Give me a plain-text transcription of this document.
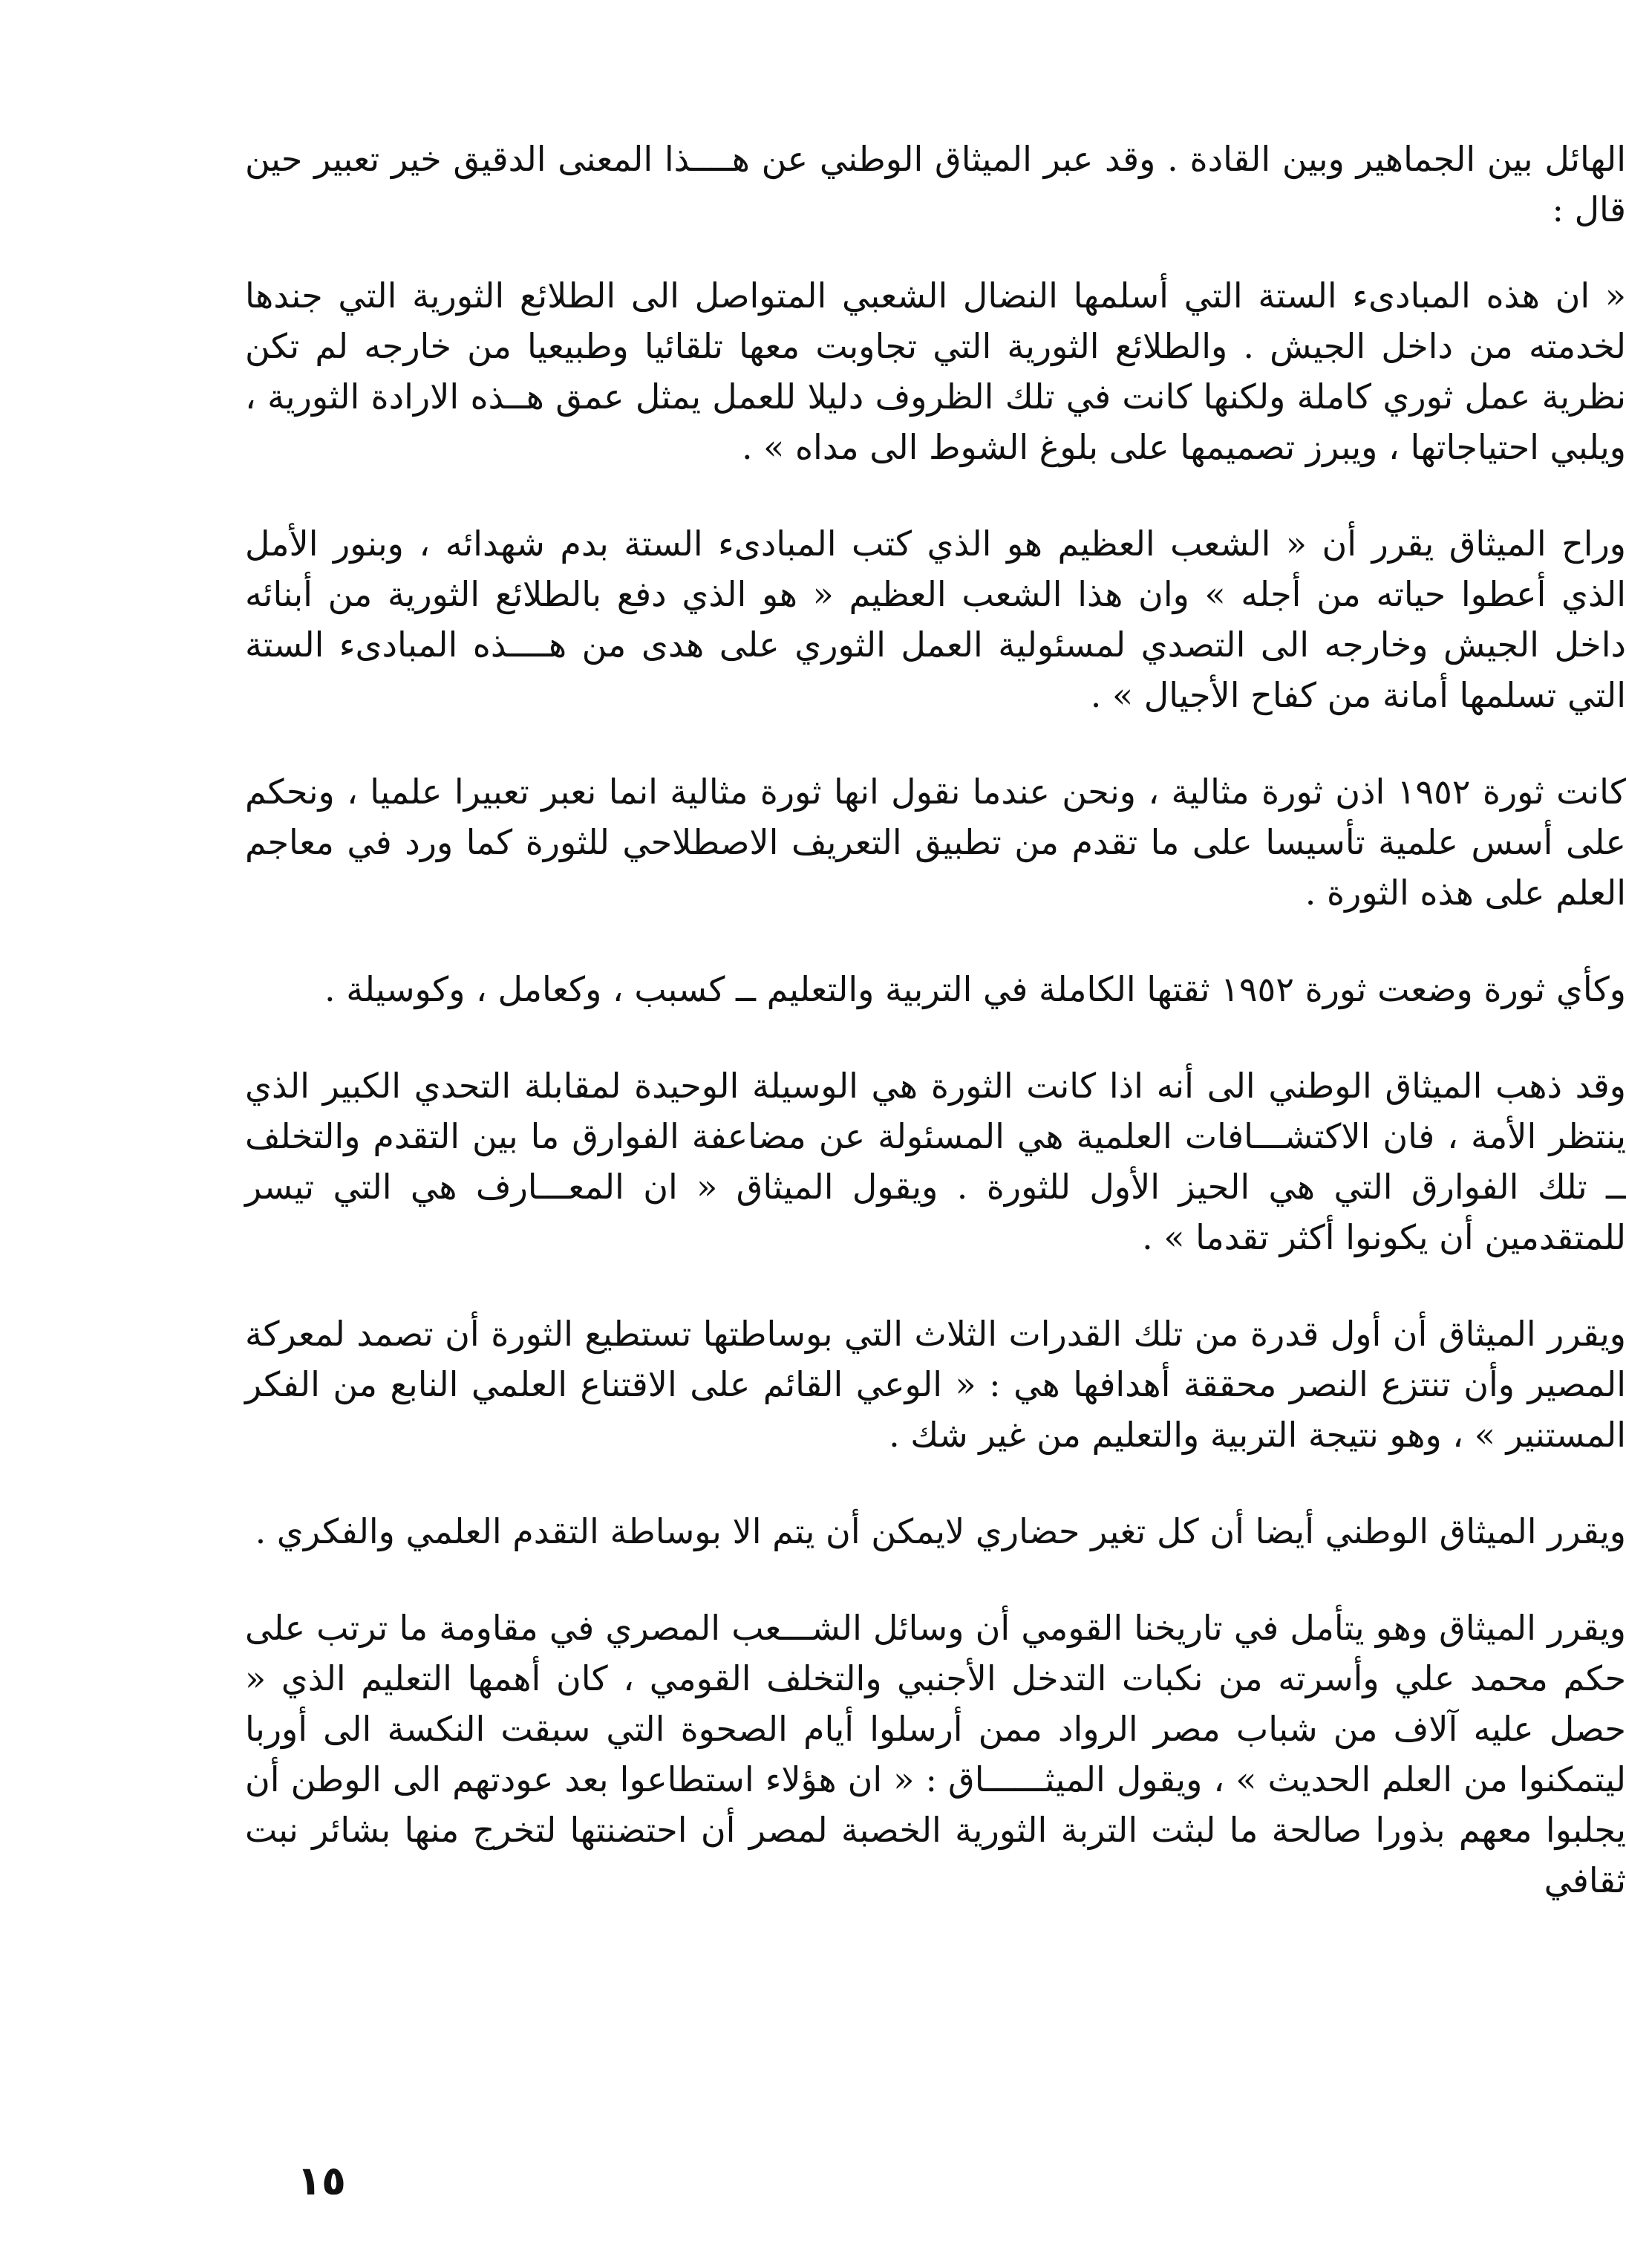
الهائل بين الجماهير وبين القادة . وقد عبر الميثاق الوطني عن هــــذا المعنى الدقيق خير تعبير حين قال :

« ان هذه المبادىء الستة التي أسلمها النضال الشعبي المتواصل الى الطلائع الثورية التي جندها لخدمته من داخل الجيش . والطلائع الثورية التي تجاوبت معها تلقائيا وطبيعيا من خارجه لم تكن نظرية عمل ثوري كاملة ولكنها كانت في تلك الظروف دليلا للعمل يمثل عمق هــذه الارادة الثورية ، ويلبي احتياجاتها ، ويبرز تصميمها على بلوغ الشوط الى مداه » .

وراح الميثاق يقرر أن « الشعب العظيم هو الذي كتب المبادىء الستة بدم شهدائه ، وبنور الأمل الذي أعطوا حياته من أجله » وان هذا الشعب العظيم « هو الذي دفع بالطلائع الثورية من أبنائه داخل الجيش وخارجه الى التصدي لمسئولية العمل الثوري على هدى من هــــذه المبادىء الستة التي تسلمها أمانة من كفاح الأجيال » .

كانت ثورة ١٩٥٢ اذن ثورة مثالية ، ونحن عندما نقول انها ثورة مثالية انما نعبر تعبيرا علميا ، ونحكم على أسس علمية تأسيسا على ما تقدم من تطبيق التعريف الاصطلاحي للثورة كما ورد في معاجم العلم على هذه الثورة .

وكأي ثورة وضعت ثورة ١٩٥٢ ثقتها الكاملة في التربية والتعليم ــ كسبب ، وكعامل ، وكوسيلة .

وقد ذهب الميثاق الوطني الى أنه اذا كانت الثورة هي الوسيلة الوحيدة لمقابلة التحدي الكبير الذي ينتظر الأمة ، فان الاكتشـــافات العلمية هي المسئولة عن مضاعفة الفوارق ما بين التقدم والتخلف ــ تلك الفوارق التي هي الحيز الأول للثورة . ويقول الميثاق « ان المعـــارف هي التي تيسر للمتقدمين أن يكونوا أكثر تقدما » .

ويقرر الميثاق أن أول قدرة من تلك القدرات الثلاث التي بوساطتها تستطيع الثورة أن تصمد لمعركة المصير وأن تنتزع النصر محققة أهدافها هي : « الوعي القائم على الاقتناع العلمي النابع من الفكر المستنير » ، وهو نتيجة التربية والتعليم من غير شك .

ويقرر الميثاق الوطني أيضا أن كل تغير حضاري لايمكن أن يتم الا بوساطة التقدم العلمي والفكري .

ويقرر الميثاق وهو يتأمل في تاريخنا القومي أن وسائل الشـــعب المصري في مقاومة ما ترتب على حكم محمد علي وأسرته من نكبات التدخل الأجنبي والتخلف القومي ، كان أهمها التعليم الذي « حصل عليه آلاف من شباب مصر الرواد ممن أرسلوا أيام الصحوة التي سبقت النكسة الى أوربا ليتمكنوا من العلم الحديث » ، ويقول الميثــــــاق : « ان هؤلاء استطاعوا بعد عودتهم الى الوطن أن يجلبوا معهم بذورا صالحة ما لبثت التربة الثورية الخصبة لمصر أن احتضنتها لتخرج منها بشائر نبت ثقافي

١٥
